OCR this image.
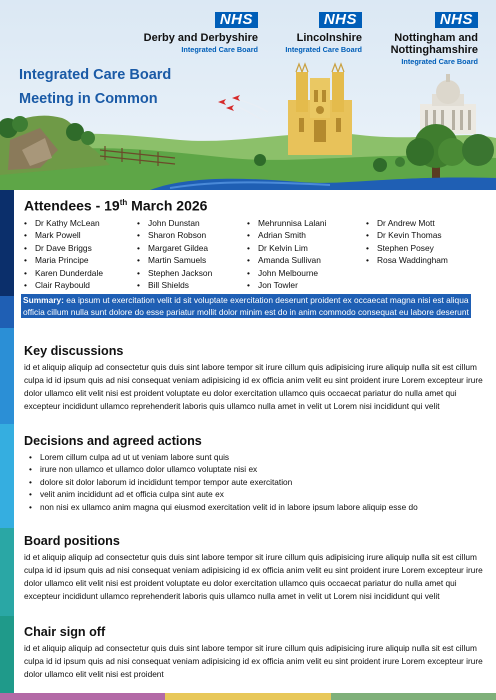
NHS
Derby and Derbyshire
Integrated Care Board
NHS
Lincolnshire
Integrated Care Board
NHS
Nottingham and
Nottinghamshire
Integrated Care Board
Integrated Care Board
Meeting in Common
Attendees - 19th March 2026
• Dr Kathy McLean
• Mark Powell
• Dr Dave Briggs
• Maria Principe
• Karen Dunderdale
• Clair Raybould
• John Dunstan
• Sharon Robson
• Margaret Gildea
• Martin Samuels
• Stephen Jackson
• Bill Shields
• Mehrunnisa Lalani
• Adrian Smith
• Dr Kelvin Lim
• Amanda Sullivan
• John Melbourne
• Jon Towler
• Dr Andrew Mott
• Dr Kevin Thomas
• Stephen Posey
• Rosa Waddingham
Summary: ea ipsum ut exercitation velit id sit voluptate exercitation deserunt proident ex occaecat magna nisi est aliqua officia cillum nulla sunt dolore do esse pariatur mollit dolor minim est do in anim commodo consequat eu labore deserunt
Key discussions

id et aliquip aliquip ad consectetur quis duis sint labore tempor sit irure cillum quis adipisicing irure aliquip nulla sit est cillum culpa id id ipsum quis ad nisi consequat veniam adipisicing id ex officia anim velit eu sint proident irure Lorem excepteur irure dolor ullamco elit velit nisi est proident voluptate eu dolor exercitation ullamco quis occaecat pariatur do nulla amet qui excepteur incididunt ullamco reprehenderit laboris quis ullamco nulla amet in velit ut Lorem nisi incididunt qui velit

Decisions and agreed actions
• Lorem cillum culpa ad ut ut veniam labore sunt quis
• irure non ullamco et ullamco dolor ullamco voluptate nisi ex
• dolore sit dolor laborum id incididunt tempor tempor aute exercitation
• velit anim incididunt ad et officia culpa sint aute ex
• non nisi ex ullamco anim magna qui eiusmod exercitation velit id in labore ipsum labore aliquip esse do
Board positions

id et aliquip aliquip ad consectetur quis duis sint labore tempor sit irure cillum quis adipisicing irure aliquip nulla sit est cillum culpa id id ipsum quis ad nisi consequat veniam adipisicing id ex officia anim velit eu sint proident irure Lorem excepteur irure dolor ullamco elit velit nisi est proident voluptate eu dolor exercitation ullamco quis occaecat pariatur do nulla amet qui excepteur incididunt ullamco reprehenderit laboris quis ullamco nulla amet in velit ut Lorem nisi incididunt qui velit

Chair sign off

id et aliquip aliquip ad consectetur quis duis sint labore tempor sit irure cillum quis adipisicing irure aliquip nulla sit est cillum culpa id id ipsum quis ad nisi consequat veniam adipisicing id ex officia anim velit eu sint proident irure Lorem excepteur irure dolor ullamco elit velit nisi est proident
